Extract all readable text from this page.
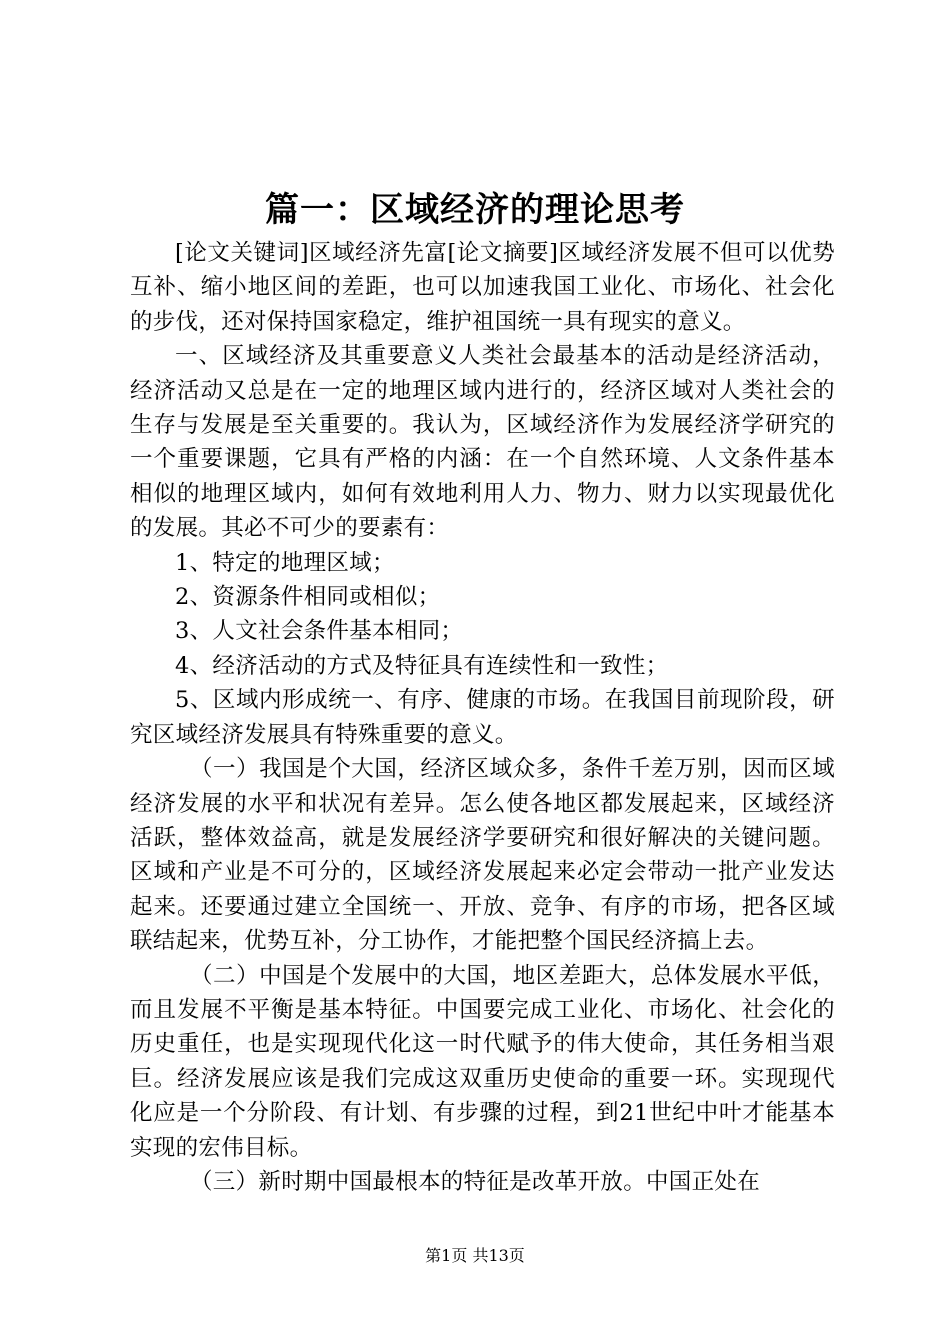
篇一：区域经济的理论思考

[论文关键词]区域经济先富[论文摘要]区域经济发展不但可以优势互补、缩小地区间的差距，也可以加速我国工业化、市场化、社会化的步伐，还对保持国家稳定，维护祖国统一具有现实的意义。

一、区域经济及其重要意义人类社会最基本的活动是经济活动，经济活动又总是在一定的地理区域内进行的，经济区域对人类社会的生存与发展是至关重要的。我认为，区域经济作为发展经济学研究的一个重要课题，它具有严格的内涵：在一个自然环境、人文条件基本相似的地理区域内，如何有效地利用人力、物力、财力以实现最优化的发展。其必不可少的要素有：

1、特定的地理区域；

2、资源条件相同或相似；

3、人文社会条件基本相同；

4、经济活动的方式及特征具有连续性和一致性；

5、区域内形成统一、有序、健康的市场。在我国目前现阶段，研究区域经济发展具有特殊重要的意义。

（一）我国是个大国，经济区域众多，条件千差万别，因而区域经济发展的水平和状况有差异。怎么使各地区都发展起来，区域经济活跃，整体效益高，就是发展经济学要研究和很好解决的关键问题。区域和产业是不可分的，区域经济发展起来必定会带动一批产业发达起来。还要通过建立全国统一、开放、竞争、有序的市场，把各区域联结起来，优势互补，分工协作，才能把整个国民经济搞上去。

（二）中国是个发展中的大国，地区差距大，总体发展水平低，而且发展不平衡是基本特征。中国要完成工业化、市场化、社会化的历史重任，也是实现现代化这一时代赋予的伟大使命，其任务相当艰巨。经济发展应该是我们完成这双重历史使命的重要一环。实现现代化应是一个分阶段、有计划、有步骤的过程，到21世纪中叶才能基本实现的宏伟目标。

（三）新时期中国最根本的特征是改革开放。中国正处在

第1页 共13页
